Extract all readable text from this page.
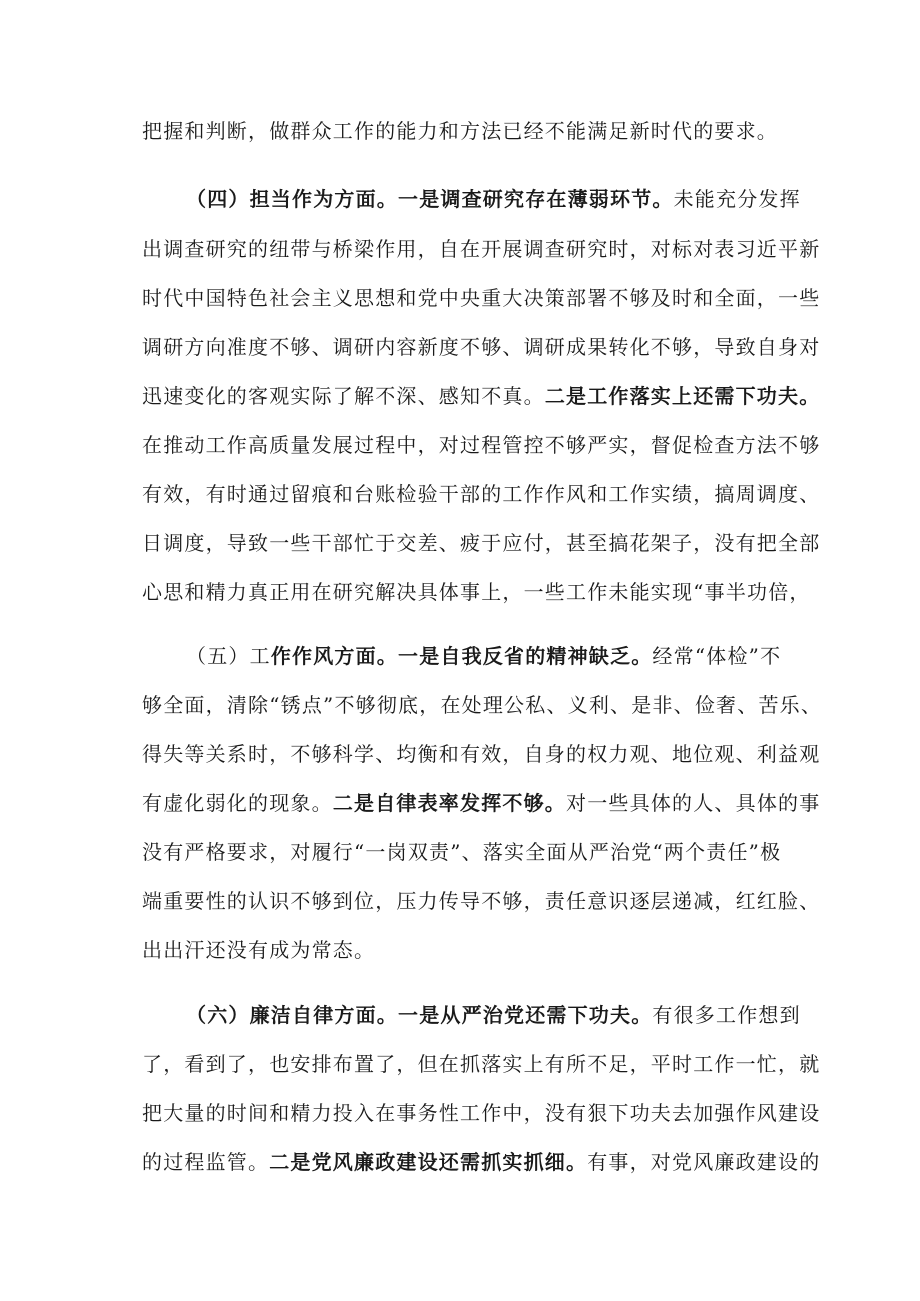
把握和判断，做群众工作的能力和方法已经不能满足新时代的要求。
（四）担当作为方面。一是调查研究存在薄弱环节。未能充分发挥
出调查研究的纽带与桥梁作用，自在开展调查研究时，对标对表习近平新
时代中国特色社会主义思想和党中央重大决策部署不够及时和全面，一些
调研方向准度不够、调研内容新度不够、调研成果转化不够，导致自身对
迅速变化的客观实际了解不深、感知不真。二是工作落实上还需下功夫。
在推动工作高质量发展过程中，对过程管控不够严实，督促检查方法不够
有效，有时通过留痕和台账检验干部的工作作风和工作实绩，搞周调度、
日调度，导致一些干部忙于交差、疲于应付，甚至搞花架子，没有把全部
心思和精力真正用在研究解决具体事上，一些工作未能实现“事半功倍，
（五）工作作风方面。一是自我反省的精神缺乏。经常“体检”不
够全面，清除“锈点”不够彻底，在处理公私、义利、是非、俭奢、苦乐、
得失等关系时，不够科学、均衡和有效，自身的权力观、地位观、利益观
有虚化弱化的现象。二是自律表率发挥不够。对一些具体的人、具体的事
没有严格要求，对履行“一岗双责”、落实全面从严治党“两个责任”极
端重要性的认识不够到位，压力传导不够，责任意识逐层递减，红红脸、
出出汗还没有成为常态。
（六）廉洁自律方面。一是从严治党还需下功夫。有很多工作想到
了，看到了，也安排布置了，但在抓落实上有所不足，平时工作一忙，就
把大量的时间和精力投入在事务性工作中，没有狠下功夫去加强作风建设
的过程监管。二是党风廉政建设还需抓实抓细。有事，对党风廉政建设的
